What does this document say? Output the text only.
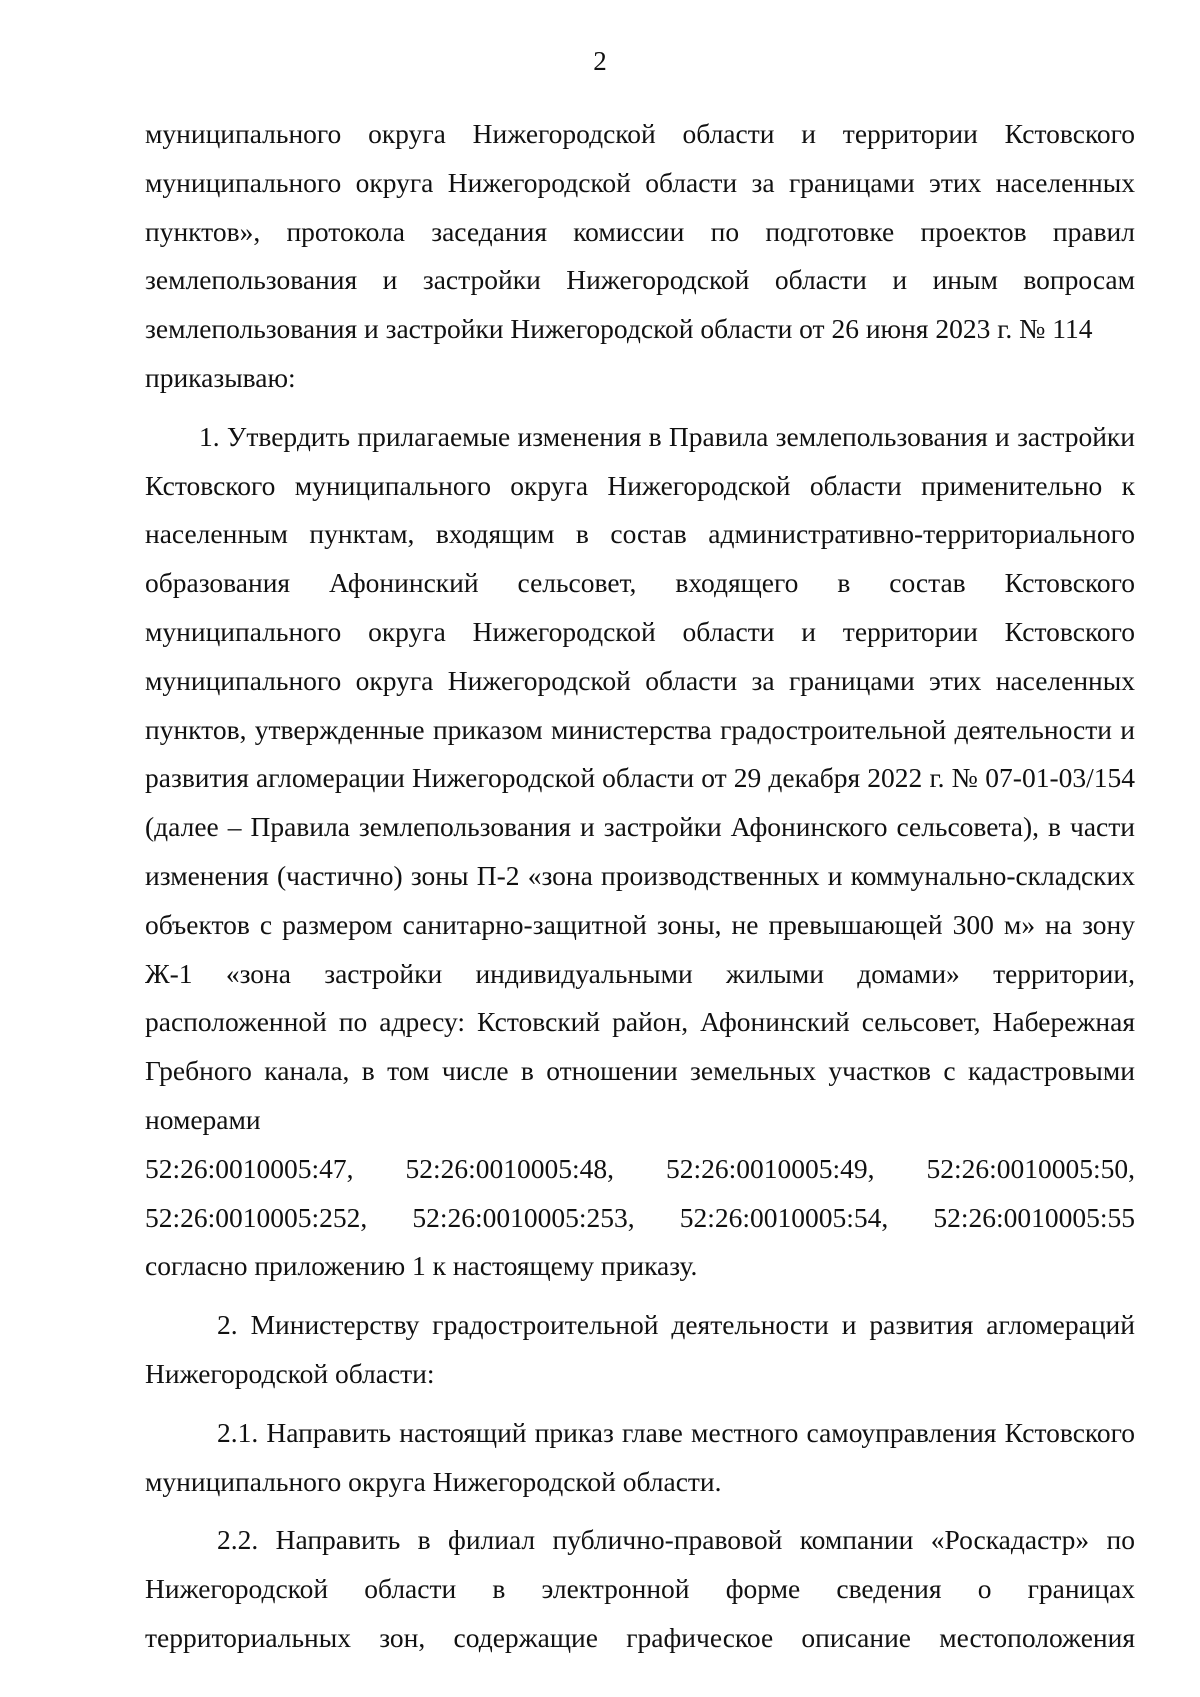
2

муниципального округа Нижегородской области и территории Кстовского муниципального округа Нижегородской области за границами этих населенных пунктов», протокола заседания комиссии по подготовке проектов правил землепользования и застройки Нижегородской области и иным вопросам землепользования и застройки Нижегородской области от 26 июня 2023 г. № 114

приказываю:

1. Утвердить прилагаемые изменения в Правила землепользования и застройки Кстовского муниципального округа Нижегородской области применительно к населенным пунктам, входящим в состав административно-территориального образования Афонинский сельсовет, входящего в состав Кстовского муниципального округа Нижегородской области и территории Кстовского муниципального округа Нижегородской области за границами этих населенных пунктов, утвержденные приказом министерства градостроительной деятельности и развития агломерации Нижегородской области от 29 декабря 2022 г. № 07-01-03/154 (далее – Правила землепользования и застройки Афонинского сельсовета), в части изменения (частично) зоны П-2 «зона производственных и коммунально-складских объектов с размером санитарно-защитной зоны, не превышающей 300 м» на зону Ж-1 «зона застройки индивидуальными жилыми домами» территории, расположенной по адресу: Кстовский район, Афонинский сельсовет, Набережная Гребного канала, в том числе в отношении земельных участков с кадастровыми номерами

52:26:0010005:47, 52:26:0010005:48, 52:26:0010005:49, 52:26:0010005:50,
52:26:0010005:252, 52:26:0010005:253, 52:26:0010005:54, 52:26:0010005:55

согласно приложению 1 к настоящему приказу.

2. Министерству градостроительной деятельности и развития агломераций Нижегородской области:

2.1. Направить настоящий приказ главе местного самоуправления Кстовского муниципального округа Нижегородской области.

2.2. Направить в филиал публично-правовой компании «Роскадастр» по Нижегородской области в электронной форме сведения о границах территориальных зон, содержащие графическое описание местоположения
